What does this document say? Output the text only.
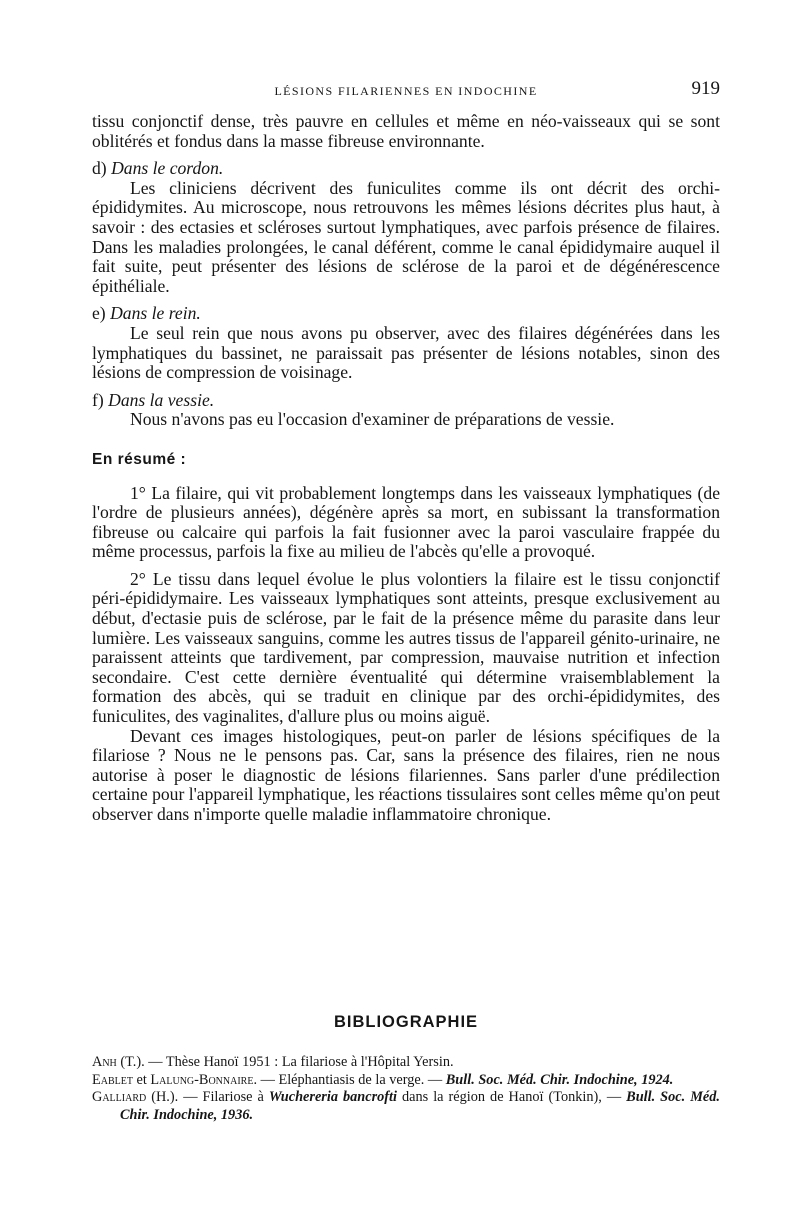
LÉSIONS FILARIENNES EN INDOCHINE	919

tissu conjonctif dense, très pauvre en cellules et même en néo-vaisseaux qui se sont oblitérés et fondus dans la masse fibreuse environnante.

d) Dans le cordon.

Les cliniciens décrivent des funiculites comme ils ont décrit des orchi-épididymites. Au microscope, nous retrouvons les mêmes lésions décrites plus haut, à savoir : des ectasies et scléroses surtout lymphatiques, avec parfois présence de filaires. Dans les maladies prolongées, le canal déférent, comme le canal épididymaire auquel il fait suite, peut présenter des lésions de sclérose de la paroi et de dégénérescence épithéliale.

e) Dans le rein.

Le seul rein que nous avons pu observer, avec des filaires dégénérées dans les lymphatiques du bassinet, ne paraissait pas présenter de lésions notables, sinon des lésions de compression de voisinage.

f) Dans la vessie.

Nous n'avons pas eu l'occasion d'examiner de préparations de vessie.

En résumé :

1° La filaire, qui vit probablement longtemps dans les vaisseaux lymphatiques (de l'ordre de plusieurs années), dégénère après sa mort, en subissant la transformation fibreuse ou calcaire qui parfois la fait fusionner avec la paroi vasculaire frappée du même processus, parfois la fixe au milieu de l'abcès qu'elle a provoqué.

2° Le tissu dans lequel évolue le plus volontiers la filaire est le tissu conjonctif péri-épididymaire. Les vaisseaux lymphatiques sont atteints, presque exclusivement au début, d'ectasie puis de sclérose, par le fait de la présence même du parasite dans leur lumière. Les vaisseaux sanguins, comme les autres tissus de l'appareil génito-urinaire, ne paraissent atteints que tardivement, par compression, mauvaise nutrition et infection secondaire. C'est cette dernière éventualité qui détermine vraisemblablement la formation des abcès, qui se traduit en clinique par des orchi-épididymites, des funiculites, des vaginalites, d'allure plus ou moins aiguë.

Devant ces images histologiques, peut-on parler de lésions spécifiques de la filariose ? Nous ne le pensons pas. Car, sans la présence des filaires, rien ne nous autorise à poser le diagnostic de lésions filariennes. Sans parler d'une prédilection certaine pour l'appareil lymphatique, les réactions tissulaires sont celles même qu'on peut observer dans n'importe quelle maladie inflammatoire chronique.

BIBLIOGRAPHIE

Anh (T.). — Thèse Hanoï 1951 : La filariose à l'Hôpital Yersin.

Eablet et Lalung-Bonnaire. — Eléphantiasis de la verge. — Bull. Soc. Méd. Chir. Indochine, 1924.

Galliard (H.). — Filariose à Wuchereria bancrofti dans la région de Hanoï (Tonkin), — Bull. Soc. Méd. Chir. Indochine, 1936.
